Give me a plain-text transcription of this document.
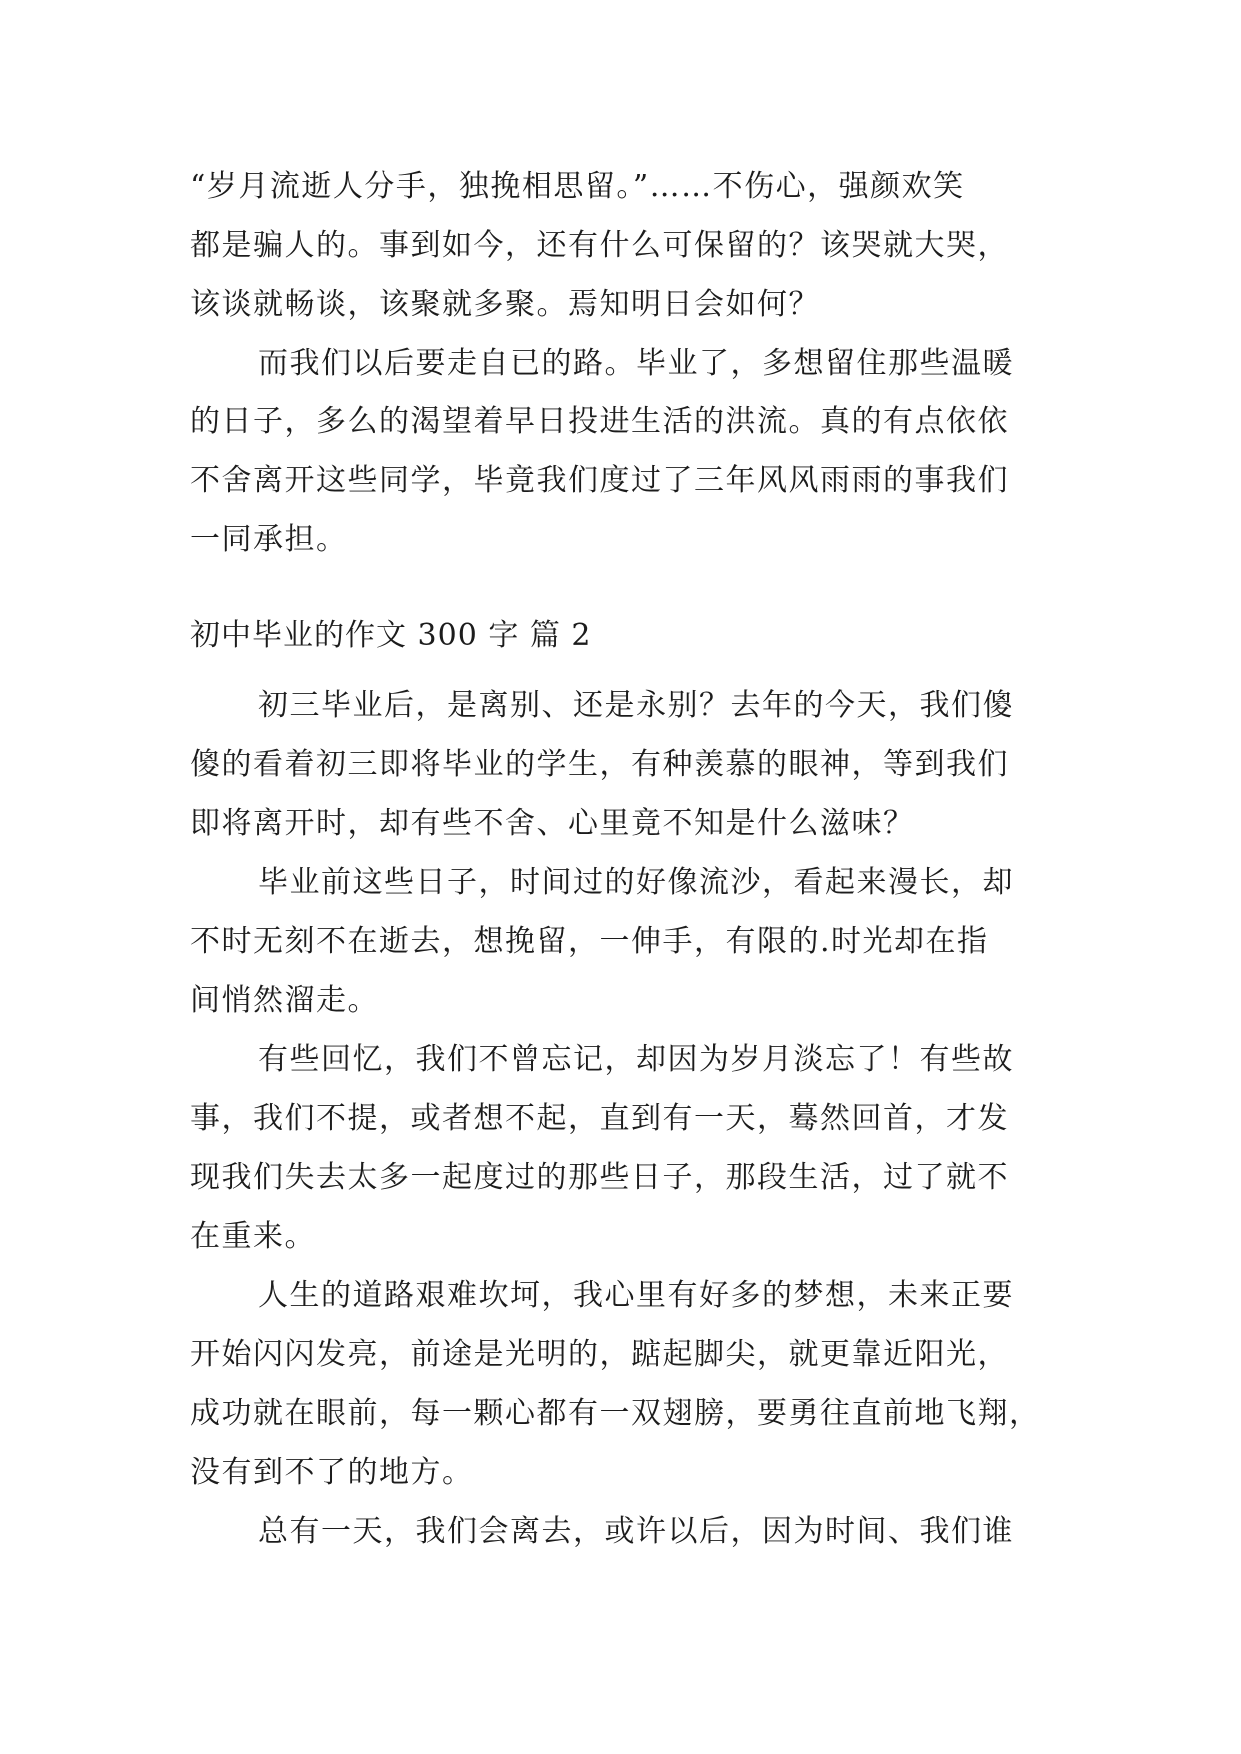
“岁月流逝人分手，独挽相思留。”……不伤心，强颜欢笑
都是骗人的。事到如今，还有什么可保留的？该哭就大哭，
该谈就畅谈，该聚就多聚。焉知明日会如何？
而我们以后要走自已的路。毕业了，多想留住那些温暖
的日子，多么的渴望着早日投进生活的洪流。真的有点依依
不舍离开这些同学，毕竟我们度过了三年风风雨雨的事我们
一同承担。
初中毕业的作文 300 字 篇 2
初三毕业后，是离别、还是永别？去年的今天，我们傻
傻的看着初三即将毕业的学生，有种羡慕的眼神，等到我们
即将离开时，却有些不舍、心里竟不知是什么滋味？
毕业前这些日子，时间过的好像流沙，看起来漫长，却
不时无刻不在逝去，想挽留，一伸手，有限的.时光却在指
间悄然溜走。
有些回忆，我们不曾忘记，却因为岁月淡忘了！有些故
事，我们不提，或者想不起，直到有一天，蓦然回首，才发
现我们失去太多一起度过的那些日子，那段生活，过了就不
在重来。
人生的道路艰难坎坷，我心里有好多的梦想，未来正要
开始闪闪发亮，前途是光明的，踮起脚尖，就更靠近阳光，
成功就在眼前，每一颗心都有一双翅膀，要勇往直前地飞翔，
没有到不了的地方。
总有一天，我们会离去，或许以后，因为时间、我们谁
